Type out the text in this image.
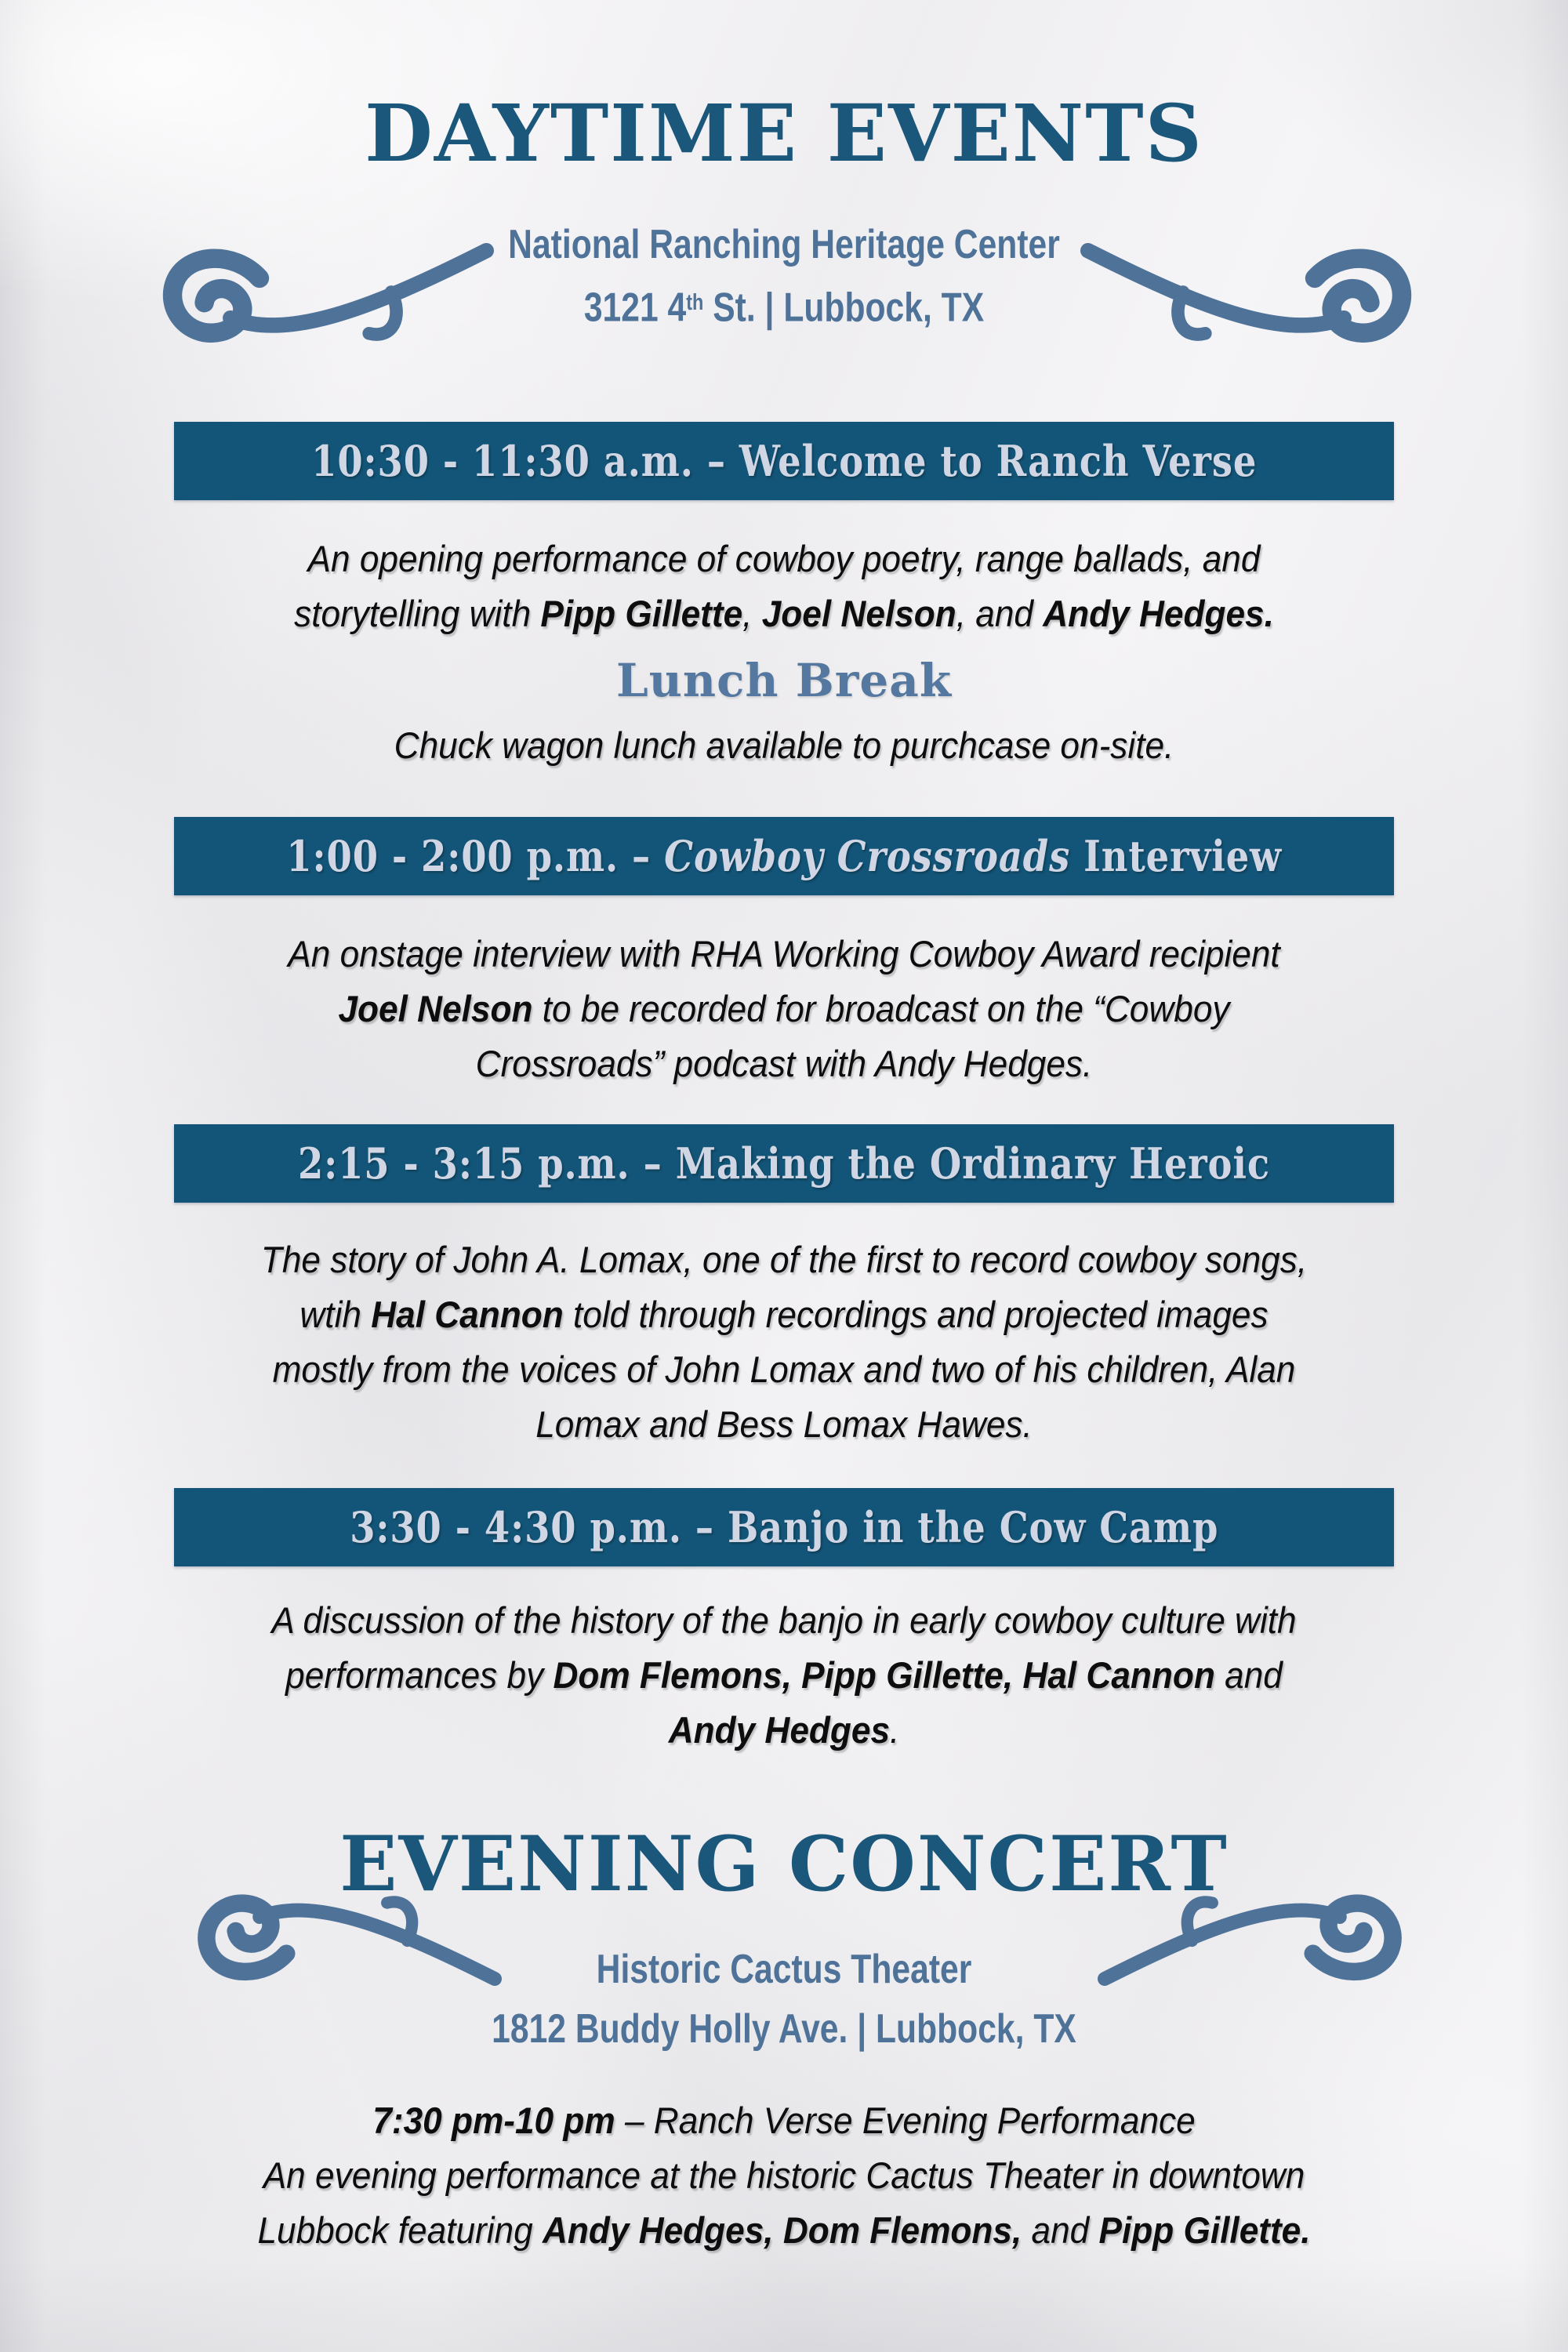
DAYTIME EVENTS
National Ranching Heritage Center
3121 4th St. | Lubbock, TX
10:30 - 11:30 a.m. – Welcome to Ranch Verse
An opening performance of cowboy poetry, range ballads, and
storytelling with Pipp Gillette, Joel Nelson, and Andy Hedges.
Lunch Break
Chuck wagon lunch available to purchcase on-site.
1:00 - 2:00 p.m. – Cowboy Crossroads Interview
An onstage interview with RHA Working Cowboy Award recipient
Joel Nelson to be recorded for broadcast on the “Cowboy
Crossroads” podcast with Andy Hedges.
2:15 - 3:15 p.m. – Making the Ordinary Heroic
The story of John A. Lomax, one of the first to record cowboy songs,
wtih Hal Cannon told through recordings and projected images
mostly from the voices of John Lomax and two of his children, Alan
Lomax and Bess Lomax Hawes.
3:30 - 4:30 p.m. – Banjo in the Cow Camp
A discussion of the history of the banjo in early cowboy culture with
performances by Dom Flemons, Pipp Gillette, Hal Cannon and
Andy Hedges.
EVENING CONCERT
Historic Cactus Theater
1812 Buddy Holly Ave. | Lubbock, TX
7:30 pm-10 pm – Ranch Verse Evening Performance
An evening performance at the historic Cactus Theater in downtown
Lubbock featuring Andy Hedges, Dom Flemons, and Pipp Gillette.
